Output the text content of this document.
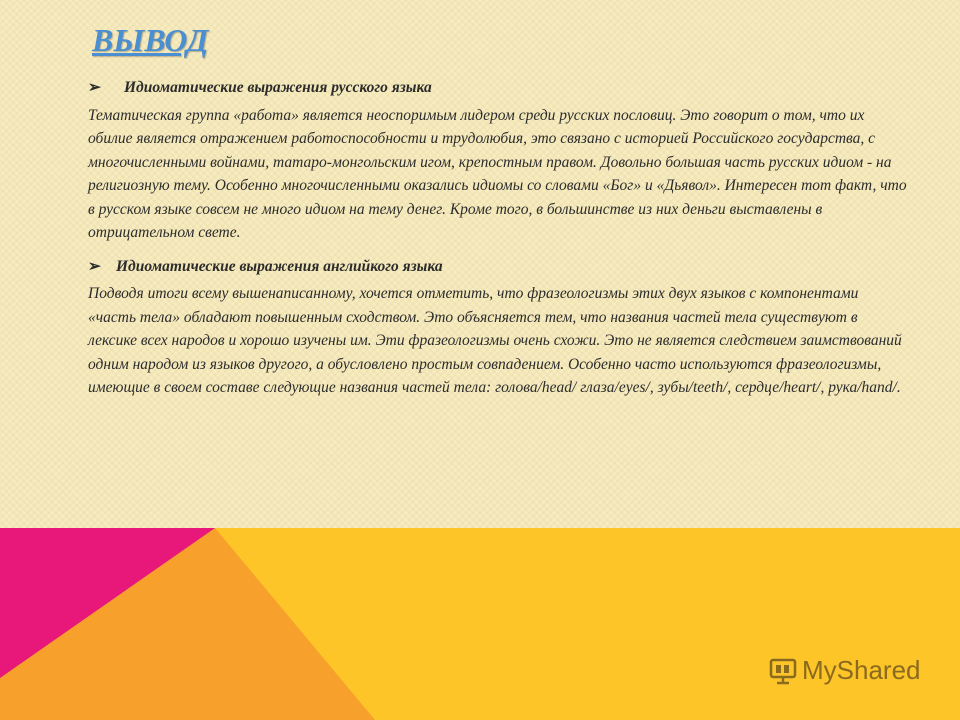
ВЫВОД
➢	Идиоматические выражения русского языка

Тематическая группа «работа» является неоспоримым лидером среди русских пословиц. Это говорит о том, что их обилие является отражением работоспособности и трудолюбия, это связано с историей Российского государства, с многочисленными войнами, татаро-монгольским игом, крепостным правом. Довольно большая часть русских идиом - на религиозную тему. Особенно многочисленными оказались идиомы со словами «Бог» и «Дьявол». Интересен тот факт, что в русском языке совсем не много идиом на тему денег. Кроме того, в большинстве из них деньги выставлены в отрицательном свете.

➢ Идиоматические выражения английкого языка

Подводя итоги всему вышенаписанному, хочется отметить, что фразеологизмы этих двух языков с компонентами «часть тела» обладают повышенным сходством. Это объясняется тем, что названия частей тела существуют в лексике всех народов и хорошо изучены им. Эти фразеологизмы очень схожи. Это не является следствием заимствований одним народом из языков другого, а обусловлено простым совпадением. Особенно часто используются фразеологизмы, имеющие в своем составе следующие названия частей тела: голова/head/ глаза/eyes/, зубы/teeth/, сердце/heart/, рука/hand/.

MyShared
